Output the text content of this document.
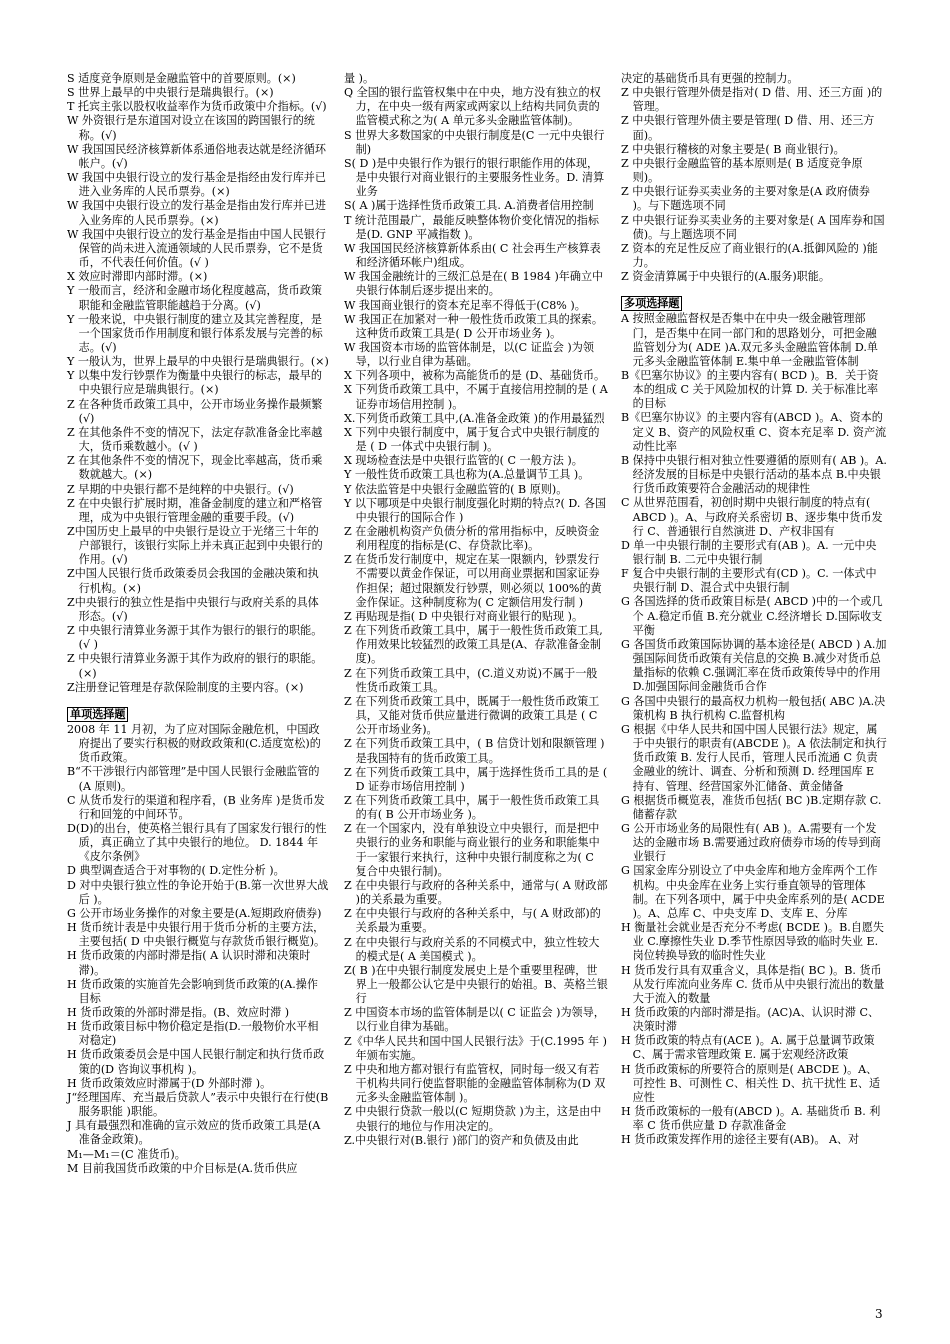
S 适度竞争原则是金融监管中的首要原则。(×)
S 世界上最早的中央银行是瑞典银行。(×)
T 托宾主张以股权收益率作为货币政策中介指标。(√)
W 外资银行是东道国对设立在该国的跨国银行的统称。(√)
W 我国国民经济核算新体系通俗地表达就是经济循环帐户。(√)
W 我国中央银行设立的发行基金是指经由发行库并已进入业务库的人民币票券。(×)
W 我国中央银行设立的发行基金是指由发行库并已进入业务库的人民币票券。(×)
W 我国中央银行设立的发行基金是指由中国人民银行保管的尚未进入流通领域的人民币票券，它不是货币，不代表任何价值。(√ )
X 效应时滞即内部时滞。(×)
Y 一般而言，经济和金融市场化程度越高，货币政策职能和金融监管职能越趋于分离。(√)
Y 一般来说，中央银行制度的建立及其完善程度，是一个国家货币作用制度和银行体系发展与完善的标志。(√)
Y 一般认为，世界上最早的中央银行是瑞典银行。(×)
Y 以集中发行钞票作为衡量中央银行的标志，最早的中央银行应是瑞典银行。(×)
Z 在各种货币政策工具中，公开市场业务操作最频繁(√)
Z 在其他条件不变的情况下，法定存款准备金比率越大，货币乘数越小。(√ )
Z 在其他条件不变的情况下，现金比率越高，货币乘数就越大。(×)
Z 早期的中央银行都不是纯粹的中央银行。(√)
Z 在中央银行扩展时期，准备金制度的建立和严格管理，成为中央银行管理金融的重要手段。(√)
Z中国历史上最早的中央银行是设立于光绪三十年的户部银行，该银行实际上并未真正起到中央银行的作用。(√)
Z中国人民银行货币政策委员会我国的金融决策和执行机构。(×)
Z中央银行的独立性是指中央银行与政府关系的具体形态。(√)
Z 中央银行清算业务源于其作为银行的银行的职能。(√ )
Z 中央银行清算业务源于其作为政府的银行的职能。(×)
Z注册登记管理是存款保险制度的主要内容。(×)
单项选择题
2008 年 11 月初，为了应对国际金融危机，中国政府提出了要实行积极的财政政策和(C.适度宽松)的货币政策。
B“不干涉银行内部管理”是中国人民银行金融监管的(A 原则)。
C 从货币发行的渠道和程序看，(B 业务库 )是货币发行和回笼的中间环节。
D(D)的出台，使英格兰银行具有了国家发行银行的性质，真正确立了其中央银行的地位。 D. 1844 年《皮尔条例》
D 典型调查适合于对事物的( D.定性分析 )。
D 对中央银行独立性的争论开始于(B.第一次世界大战后 )。
G 公开市场业务操作的对象主要是(A.短期政府债券)
H 货币统计表是中央银行用于货币分析的主要方法，主要包括( D 中央银行概览与存款货币银行概览)。
H 货币政策的内部时滞是指( A 认识时滞和决策时滞)。
H 货币政策的实施首先会影响到货币政策的(A.操作目标
H 货币政策的外部时滞是指。(B、效应时滞 )
H 货币政策目标中物价稳定是指(D.一般物价水平相对稳定)
H 货币政策委员会是中国人民银行制定和执行货币政策的(D 咨询议事机构 )。
H 货币政策效应时滞属于(D 外部时滞 )。
J“经理国库、充当最后贷款人”表示中央银行在行使(B 服务职能 )职能。
J 具有最强烈和准确的宣示效应的货币政策工具是(A 准备金政策)。
M₁—M₁＝(C 准货币)。
M 目前我国货币政策的中介目标是(A.货币供应
量 )。
Q 全国的银行监管权集中在中央，地方没有独立的权力，在中央一级有两家或两家以上结构共同负责的监管模式称之为( A 单元多头金融监管体制)。
S 世界大多数国家的中央银行制度是(C 一元中央银行制)
S( D )是中央银行作为银行的银行职能作用的体现，是中央银行对商业银行的主要服务性业务。D. 清算业务
S( A )属于选择性货币政策工具. A.消费者信用控制
T 统计范围最广，最能反映整体物价变化情况的指标是(D. GNP 平减指数 )。
W 我国国民经济核算新体系由( C 社会再生产核算表和经济循环帐户)组成。
W 我国金融统计的三级汇总是在( B 1984 )年确立中央银行体制后逐步提出来的。
W 我国商业银行的资本充足率不得低于(C8% )。
W 我国正在加紧对一种一般性货币政策工具的探索。这种货币政策工具是( D 公开市场业务 )。
W 我国资本市场的监管体制是，以(C 证监会 )为领导，以行业自律为基础。
X 下列各项中，被称为高能货币的是 (D、基础货币。
X 下列货币政策工具中，不属于直接信用控制的是 ( A 证券市场信用控制 )。
X.下列货币政策工具中,(A.准备金政策 )的作用最猛烈
X 下列中央银行制度中，属于复合式中央银行制度的是 ( D 一体式中央银行制 )。
X 现场检查法是中央银行监管的( C 一般方法 )。
Y 一般性货币政策工具也称为(A.总量调节工具 )。
Y 依法监管是中央银行金融监管的( B 原则)。
Y 以下哪项是中央银行制度强化时期的特点?( D. 各国中央银行的国际合作 )
Z 在金融机构资产负债分析的常用指标中，反映资金利用程度的指标是(C、存贷款比率)。
Z 在货币发行制度中，规定在某一限额内，钞票发行不需要以黄金作保证，可以用商业票据和国家证券作担保；超过限额发行钞票，则必须以 100%的黄金作保证。这种制度称为( C 定额信用发行制 )
Z 再贴现是指( D 中央银行对商业银行的贴现 )。
Z 在下列货币政策工具中，属于一般性货币政策工具,作用效果比较猛烈的政策工具是(A、存款准备金制度)。
Z 在下列货币政策工具中，(C.道义劝说)不属于一般性货币政策工具。
Z 在下列货币政策工具中，既属于一般性货币政策工具，又能对货币供应量进行微调的政策工具是 ( C 公开市场业务)。
Z 在下列货币政策工具中，( B 信贷计划和限额管理 )是我国特有的货币政策工具。
Z 在下列货币政策工具中，属于选择性货币工具的是 ( D 证券市场信用控制 )
Z 在下列货币政策工具中，属于一般性货币政策工具的有( B 公开市场业务 )。
Z 在一个国家内，没有单独设立中央银行，而是把中央银行的业务和职能与商业银行的业务和职能集中于一家银行来执行，这种中央银行制度称之为( C 复合中央银行制)。
Z 在中央银行与政府的各种关系中，通常与( A 财政部 )的关系最为重要。
Z 在中央银行与政府的各种关系中，与( A 财政部)的关系最为重要。
Z 在中央银行与政府关系的不同模式中，独立性较大的模式是( A 美国模式 )。
Z( B )在中央银行制度发展史上是个重要里程碑，世界上一般都公认它是中央银行的始祖。B、英格兰银行
Z 中国资本市场的监管体制是以( C 证监会 )为领导，以行业自律为基础。
Z《中华人民共和国中国人民银行法》于(C.1995 年 )年颁布实施。
Z 中央和地方都对银行有监管权，同时每一级又有若干机构共同行使监督职能的金融监管体制称为(D 双元多头金融监管体制 )。
Z 中央银行贷款一般以(C 短期贷款 )为主，这是由中央银行的地位与作用决定的。
Z.中央银行对(B.银行 )部门的资产和负债及由此
决定的基础货币具有更强的控制力。
Z 中央银行管理外债是指对( D 借、用、还三方面 )的管理。
Z 中央银行管理外债主要是管理( D 借、用、还三方面)。
Z 中央银行稽核的对象主要是( B 商业银行)。
Z 中央银行金融监管的基本原则是( B 适度竞争原则)。
Z 中央银行证券买卖业务的主要对象是(A 政府债券 )。与下题选项不同
Z 中央银行证券买卖业务的主要对象是( A 国库券和国债)。与上题选项不同
Z 资本的充足性反应了商业银行的(A.抵御风险的 )能力。
Z 资金清算属于中央银行的(A.服务)职能。
多项选择题
A 按照金融监督权是否集中在中央一级金融管理部门，是否集中在同一部门和的思路划分，可把金融监管划分为( ADE )A.双元多头金融监管体制 D.单元多头金融监管体制 E.集中单一金融监管体制
B《巴塞尔协议》的主要内容有( BCD )。B．关于资本的组成 C 关于风险加权的计算 D. 关于标准比率的目标
B《巴塞尔协议》的主要内容有(ABCD )。A、资本的定义 B、资产的风险权重 C、资本充足率 D. 资产流动性比率
B 保持中央银行相对独立性要遵循的原则有( AB )。A.经济发展的目标是中央银行活动的基本点 B.中央银行货币政策要符合金融活动的规律性
C 从世界范围看，初创时期中央银行制度的特点有( ABCD )。A、与政府关系密切 B、逐步集中货币发行 C、普通银行自然演进 D、产权非国有
D 单一中央银行制的主要形式有(AB )。A. 一元中央银行制 B. 二元中央银行制
F 复合中央银行制的主要形式有(CD )。C. 一体式中央银行制 D、混合式中央银行制
G 各国选择的货币政策目标是( ABCD )中的一个或几个 A.稳定币值 B.充分就业 C.经济增长 D.国际收支平衡
G 各国货币政策国际协调的基本途径是( ABCD ) A.加强国际间货币政策有关信息的交换 B.减少对货币总量指标的依赖 C.强调汇率在货币政策传导中的作用 D.加强国际间金融货币合作
G 各国中央银行的最高权力机构一般包括( ABC )A.决策机构 B 执行机构 C.监督机构
G 根据《中华人民共和国中国人民银行法》规定，属于中央银行的职责有(ABCDE )。A 依法制定和执行货币政策 B. 发行人民币，管理人民币流通 C 负责金融业的统计、调查、分析和预测 D. 经理国库 E 持有、管理、经营国家外汇储备、黄金储备
G 根据货币概览表，准货币包括( BC )B.定期存款 C.储蓄存款
G 公开市场业务的局限性有( AB )。A.需要有一个发达的金融市场 B.需要通过政府债券市场的传导到商业银行
G 国家金库分别设立了中央金库和地方金库两个工作机构。中央金库在业务上实行垂直领导的管理体制。在下列各项中，属于中央金库系列的是( ACDE )。A、总库 C、中央支库 D、支库 E、分库
H 衡量社会就业是否充分不考虑( BCDE )。B.自愿失业 C.摩擦性失业 D.季节性原因导致的临时失业 E.岗位转换导致的临时性失业
H 货币发行具有双重含义，具体是指( BC )。B. 货币从发行库流向业务库 C. 货币从中央银行流出的数量大于流入的数量
H 货币政策的内部时滞是指。(AC)A、认识时滞 C、决策时滞
H 货币政策的特点有(ACE )。A. 属于总量调节政策 C、属于需求管理政策 E. 属于宏观经济政策
H 货币政策标的所要符合的原则是( ABCDE )。A、可控性 B、可测性 C、相关性 D、抗干扰性 E、适应性
H 货币政策标的一般有(ABCD )。A. 基础货币 B. 利率 C 货币供应量 D 存款准备金
H 货币政策发挥作用的途径主要有(AB)。 A、对
3
